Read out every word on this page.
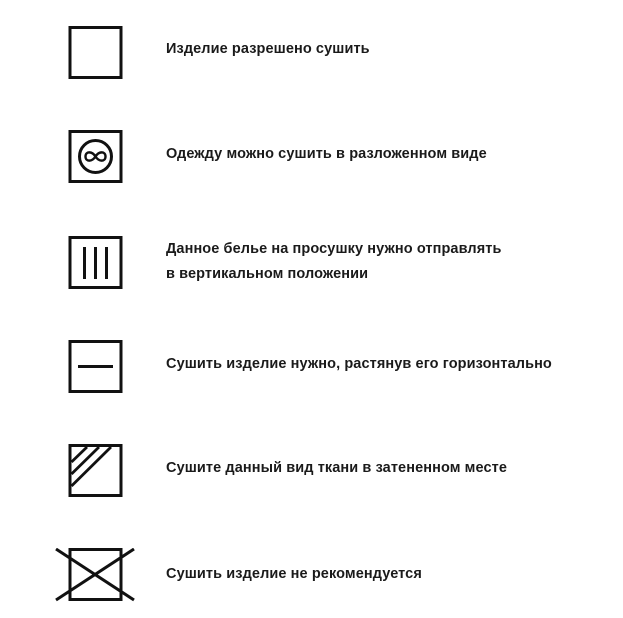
Изделие разрешено сушить
Одежду можно сушить в разложенном виде
Данное белье на просушку нужно отправлять
в вертикальном положении
Сушить изделие нужно, растянув его горизонтально
Сушите данный вид ткани в затененном месте
Сушить изделие не рекомендуется
